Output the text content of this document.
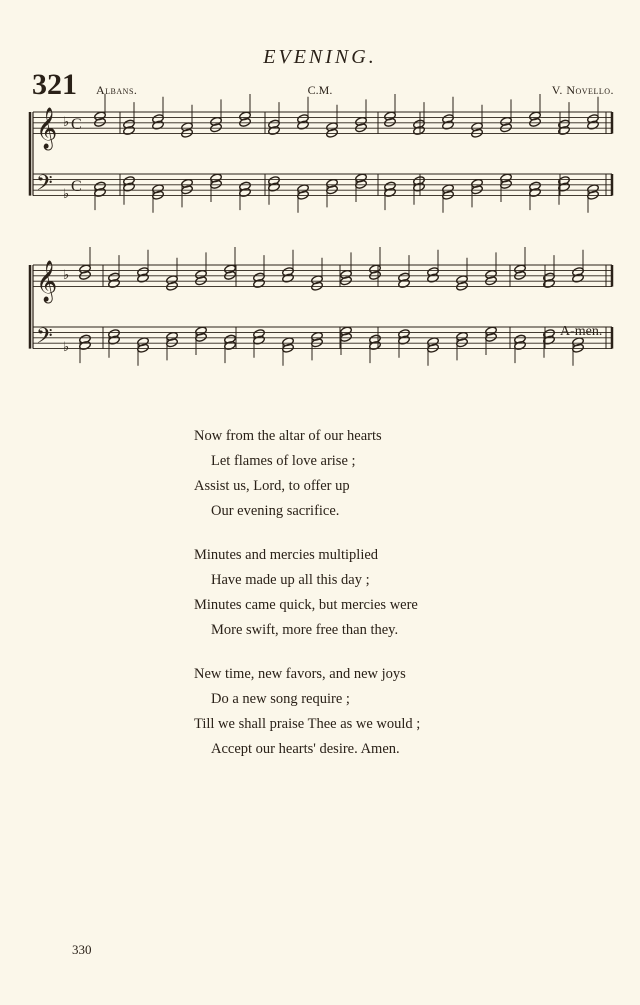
EVENING.
321 Albans.	C.M.	V. Novello.
𝄞
𝄢
♭
♭
C
C
𝄞
𝄢
♭
♭
A-men.
Now from the altar of our hearts
Let flames of love arise ;
Assist us, Lord, to offer up
Our evening sacrifice.
Minutes and mercies multiplied
Have made up all this day ;
Minutes came quick, but mercies were
More swift, more free than they.
New time, new favors, and new joys
Do a new song require ;
Till we shall praise Thee as we would ;
Accept our hearts' desire. Amen.
330
